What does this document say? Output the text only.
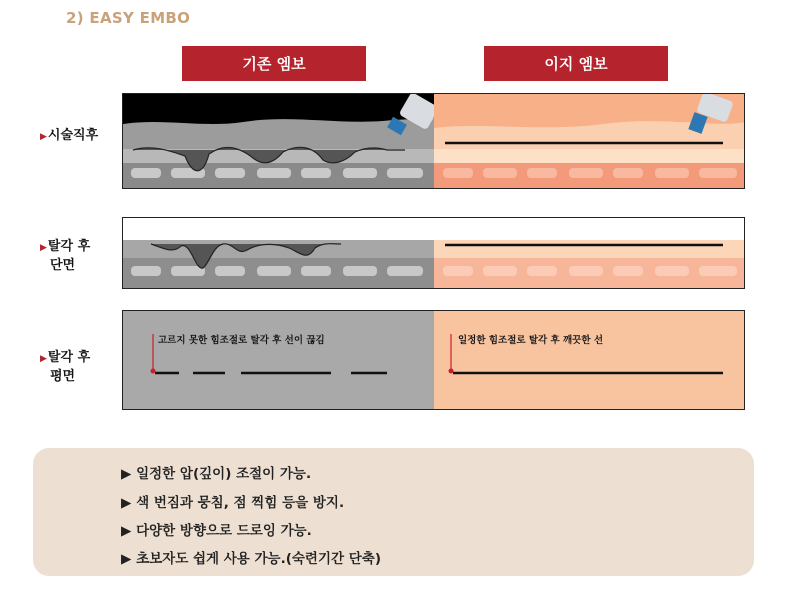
2) EASY EMBO
기존 엠보	이지 엠보
▶시술직후
▶탈각 후
단면
▶탈각 후
평면
고르지 못한 힘조절로 탈각 후 선이 끊김	일정한 힘조절로 탈각 후 깨끗한 선
▶ 일정한 압(깊이) 조절이 가능.
▶ 색 번짐과 뭉침, 점 찍힘 등을 방지.
▶ 다양한 방향으로 드로잉 가능.
▶ 초보자도 쉽게 사용 가능.(숙련기간 단축)
